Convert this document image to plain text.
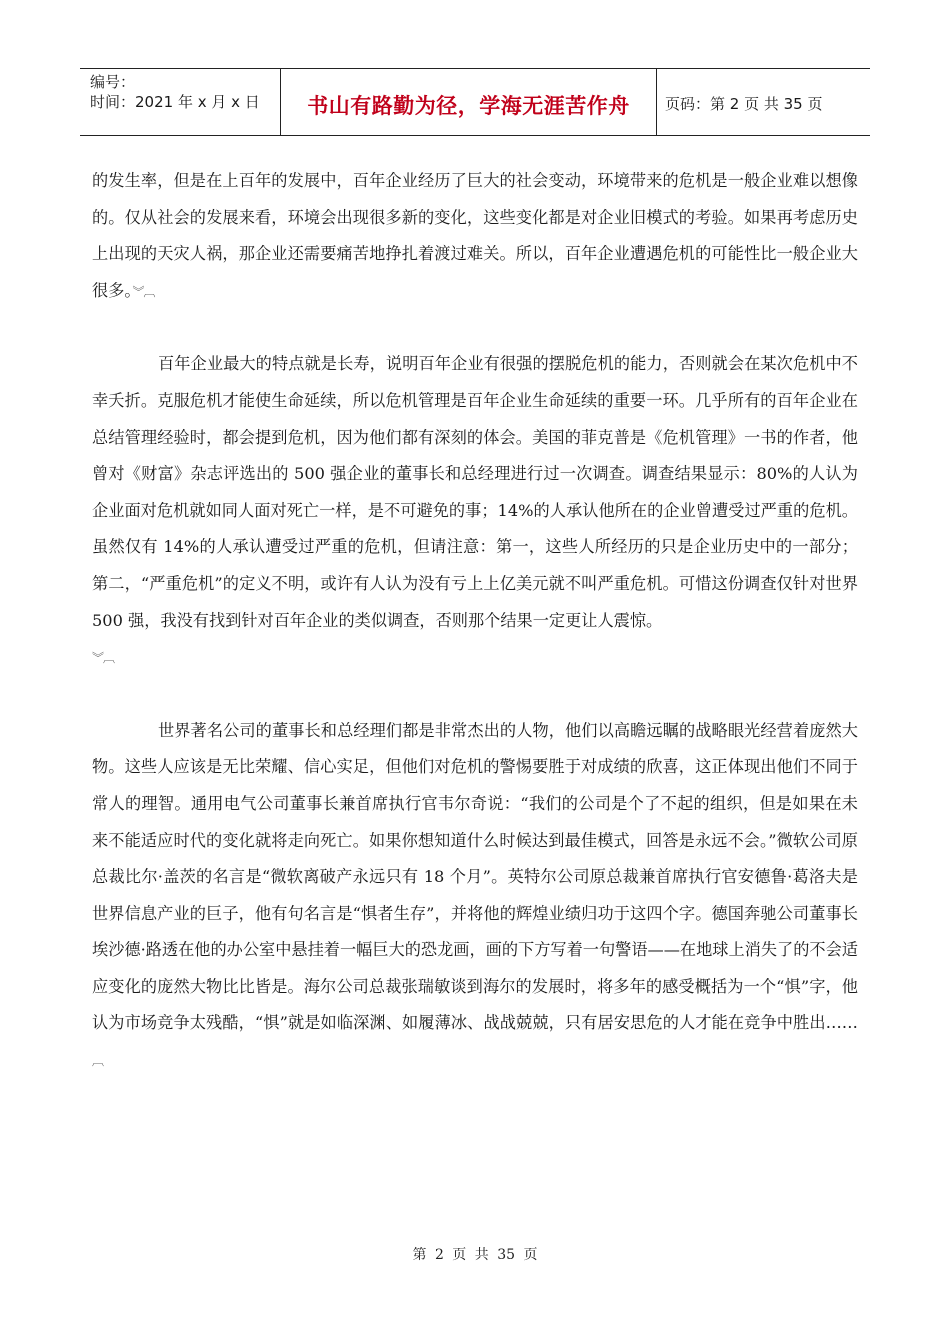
编号：
时间：2021 年 x 月 x 日	书山有路勤为径，学海无涯苦作舟	页码：第 2 页 共 35 页

的发生率，但是在上百年的发展中，百年企业经历了巨大的社会变动，环境带来的危机是一般企业难以想像的。仅从社会的发展来看，环境会出现很多新的变化，这些变化都是对企业旧模式的考验。如果再考虑历史上出现的天灾人祸，那企业还需要痛苦地挣扎着渡过难关。所以，百年企业遭遇危机的可能性比一般企业大很多。︾︹

百年企业最大的特点就是长寿，说明百年企业有很强的摆脱危机的能力，否则就会在某次危机中不幸夭折。克服危机才能使生命延续，所以危机管理是百年企业生命延续的重要一环。几乎所有的百年企业在总结管理经验时，都会提到危机，因为他们都有深刻的体会。美国的菲克普是《危机管理》一书的作者，他曾对《财富》杂志评选出的 500 强企业的董事长和总经理进行过一次调查。调查结果显示：80%的人认为企业面对危机就如同人面对死亡一样，是不可避免的事；14%的人承认他所在的企业曾遭受过严重的危机。虽然仅有 14%的人承认遭受过严重的危机，但请注意：第一，这些人所经历的只是企业历史中的一部分；第二，“严重危机”的定义不明，或许有人认为没有亏上上亿美元就不叫严重危机。可惜这份调查仅针对世界 500 强，我没有找到针对百年企业的类似调查，否则那个结果一定更让人震惊。
︾︹

世界著名公司的董事长和总经理们都是非常杰出的人物，他们以高瞻远瞩的战略眼光经营着庞然大物。这些人应该是无比荣耀、信心实足，但他们对危机的警惕要胜于对成绩的欣喜，这正体现出他们不同于常人的理智。通用电气公司董事长兼首席执行官韦尔奇说：“我们的公司是个了不起的组织，但是如果在未来不能适应时代的变化就将走向死亡。如果你想知道什么时候达到最佳模式，回答是永远不会。”微软公司原总裁比尔·盖茨的名言是“微软离破产永远只有 18 个月”。英特尔公司原总裁兼首席执行官安德鲁·葛洛夫是世界信息产业的巨子，他有句名言是“惧者生存”，并将他的辉煌业绩归功于这四个字。德国奔驰公司董事长埃沙德·路透在他的办公室中悬挂着一幅巨大的恐龙画，画的下方写着一句警语——在地球上消失了的不会适应变化的庞然大物比比皆是。海尔公司总裁张瑞敏谈到海尔的发展时，将多年的感受概括为一个“惧”字，他认为市场竞争太残酷，“惧”就是如临深渊、如履薄冰、战战兢兢，只有居安思危的人才能在竞争中胜出……︹

第 2 页 共 35 页
